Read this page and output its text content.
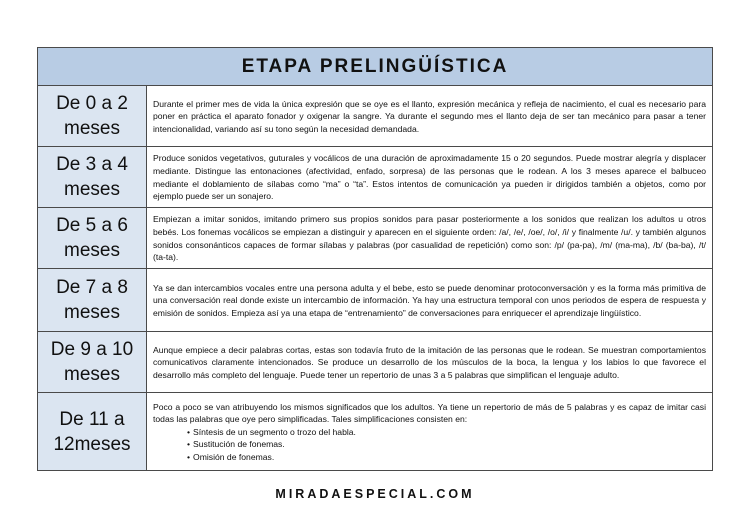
ETAPA PRELINGÜÍSTICA
De 0 a 2 meses
Durante el primer mes de vida la única expresión que se oye es el llanto, expresión mecánica y refleja de nacimiento, el cual es necesario para poner en práctica el aparato fonador y oxigenar la sangre. Ya durante el segundo mes el llanto deja de ser tan mecánico para pasar a tener intencionalidad, variando así su tono según la necesidad demandada.
De 3 a 4 meses
Produce sonidos vegetativos, guturales y vocálicos de una duración de aproximadamente 15 o 20 segundos. Puede mostrar alegría y displacer mediante. Distingue las entonaciones (afectividad, enfado, sorpresa) de las personas que le rodean. A los 3 meses aparece el balbuceo mediante el doblamiento de sílabas como “ma” o “ta”. Estos intentos de comunicación ya pueden ir dirigidos también a objetos, como por ejemplo puede ser un sonajero.
De 5 a 6 meses
Empiezan a imitar sonidos, imitando primero sus propios sonidos para pasar posteriormente a los sonidos que realizan los adultos u otros bebés. Los fonemas vocálicos se empiezan a distinguir y aparecen en el siguiente orden: /a/, /e/, /oe/, /o/, /i/ y finalmente /u/. y también algunos sonidos consonánticos capaces de formar sílabas y palabras (por casualidad de repetición) como son: /p/ (pa-pa), /m/ (ma-ma), /b/ (ba-ba), /t/ (ta-ta).
De 7 a 8 meses
Ya se dan intercambios vocales entre una persona adulta y el bebe, esto se puede denominar protoconversación y es la forma más primitiva de una conversación real donde existe un intercambio de información. Ya hay una estructura temporal con unos periodos de espera de respuesta y emisión de sonidos. Empieza así ya una etapa de “entrenamiento” de conversaciones para enriquecer el aprendizaje lingüístico.
De 9 a 10 meses
Aunque empiece a decir palabras cortas, estas son todavía fruto de la imitación de las personas que le rodean. Se muestran comportamientos comunicativos claramente intencionados. Se produce un desarrollo de los músculos de la boca, la lengua y los labios lo que favorece el desarrollo más completo del lenguaje. Puede tener un repertorio de unas 3 a 5 palabras que simplifican el lenguaje adulto.
De 11 a 12meses
Poco a poco se van atribuyendo los mismos significados que los adultos. Ya tiene un repertorio de más de 5 palabras y es capaz de imitar casi todas las palabras que oye pero simplificadas. Tales simplificaciones consisten en:
• Síntesis de un segmento o trozo del habla.
• Sustitución de fonemas.
• Omisión de fonemas.
MIRADAESPECIAL.COM
